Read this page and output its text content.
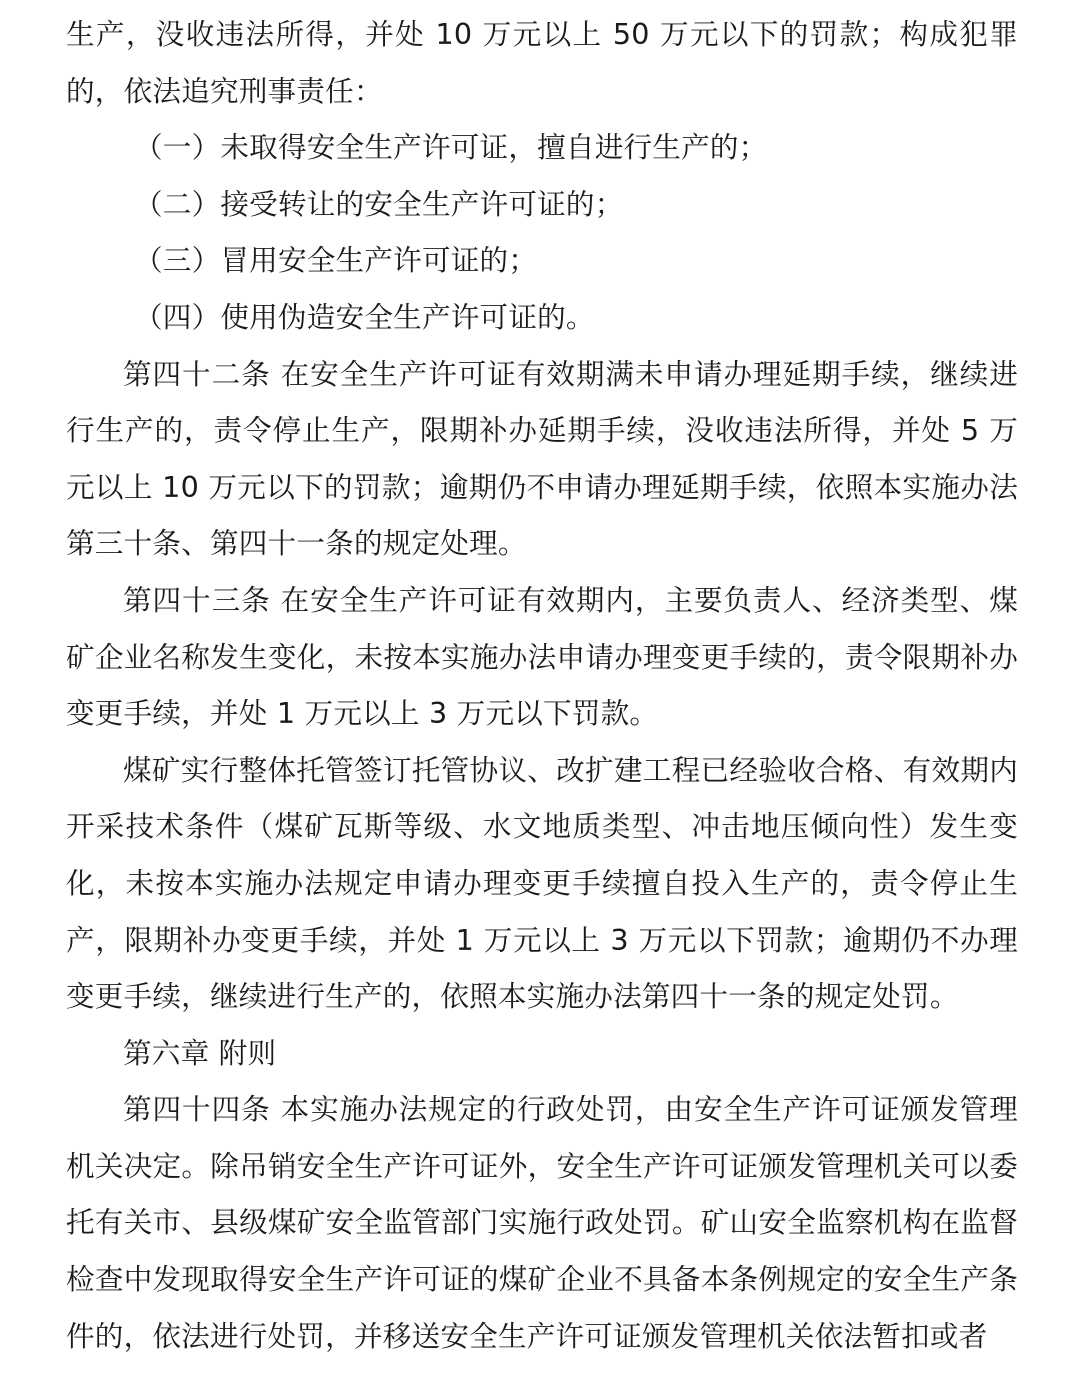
生产，没收违法所得，并处 10 万元以上 50 万元以下的罚款；构成犯罪的，依法追究刑事责任：

（一）未取得安全生产许可证，擅自进行生产的；

（二）接受转让的安全生产许可证的；

（三）冒用安全生产许可证的；

（四）使用伪造安全生产许可证的。

第四十二条 在安全生产许可证有效期满未申请办理延期手续，继续进行生产的，责令停止生产，限期补办延期手续，没收违法所得，并处 5 万元以上 10 万元以下的罚款；逾期仍不申请办理延期手续，依照本实施办法第三十条、第四十一条的规定处理。

第四十三条 在安全生产许可证有效期内，主要负责人、经济类型、煤矿企业名称发生变化，未按本实施办法申请办理变更手续的，责令限期补办变更手续，并处 1 万元以上 3 万元以下罚款。

煤矿实行整体托管签订托管协议、改扩建工程已经验收合格、有效期内开采技术条件（煤矿瓦斯等级、水文地质类型、冲击地压倾向性）发生变化，未按本实施办法规定申请办理变更手续擅自投入生产的，责令停止生产，限期补办变更手续，并处 1 万元以上 3 万元以下罚款；逾期仍不办理变更手续，继续进行生产的，依照本实施办法第四十一条的规定处罚。

第六章 附则

第四十四条 本实施办法规定的行政处罚，由安全生产许可证颁发管理机关决定。除吊销安全生产许可证外，安全生产许可证颁发管理机关可以委托有关市、县级煤矿安全监管部门实施行政处罚。矿山安全监察机构在监督检查中发现取得安全生产许可证的煤矿企业不具备本条例规定的安全生产条件的，依法进行处罚，并移送安全生产许可证颁发管理机关依法暂扣或者
